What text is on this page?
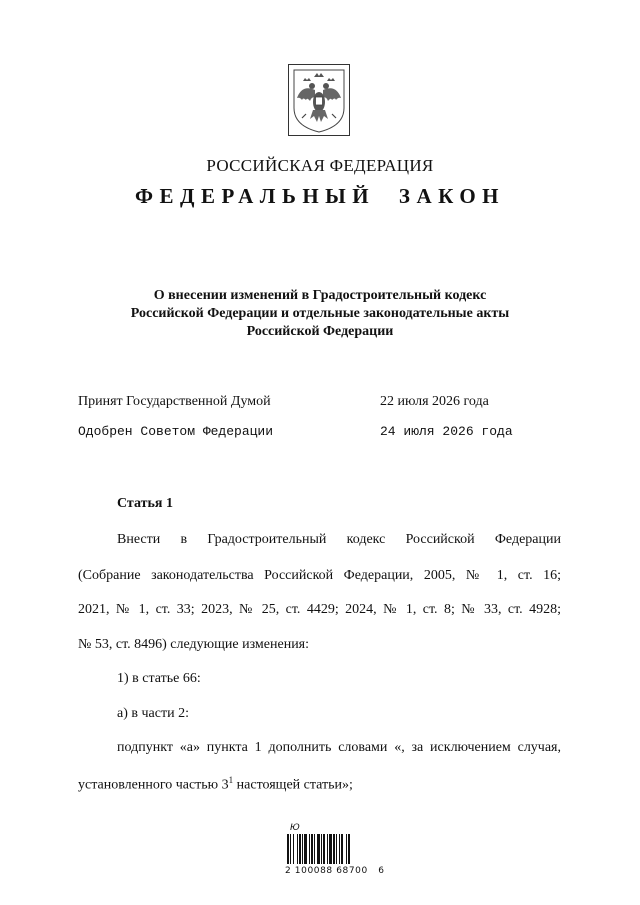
РОССИЙСКАЯ ФЕДЕРАЦИЯ
ФЕДЕРАЛЬНЫЙ ЗАКОН
О внесении изменений в Градостроительный кодекс
Российской Федерации и отдельные законодательные акты
Российской Федерации
Принят Государственной Думой	22 июля 2026 года
Одобрен Советом Федерации	24 июля 2026 года
Статья 1
Внести в Градостроительный кодекс Российской Федерации
(Собрание законодательства Российской Федерации, 2005, № 1, ст. 16;
2021, № 1, ст. 33; 2023, № 25, ст. 4429; 2024, № 1, ст. 8; № 33, ст. 4928;
№ 53, ст. 8496) следующие изменения:
1) в статье 66:
а) в части 2:
подпункт «а» пункта 1 дополнить словами «, за исключением случая,
установленного частью $3^1$ настоящей статьи»;
Ю
2 100088 68700   6
